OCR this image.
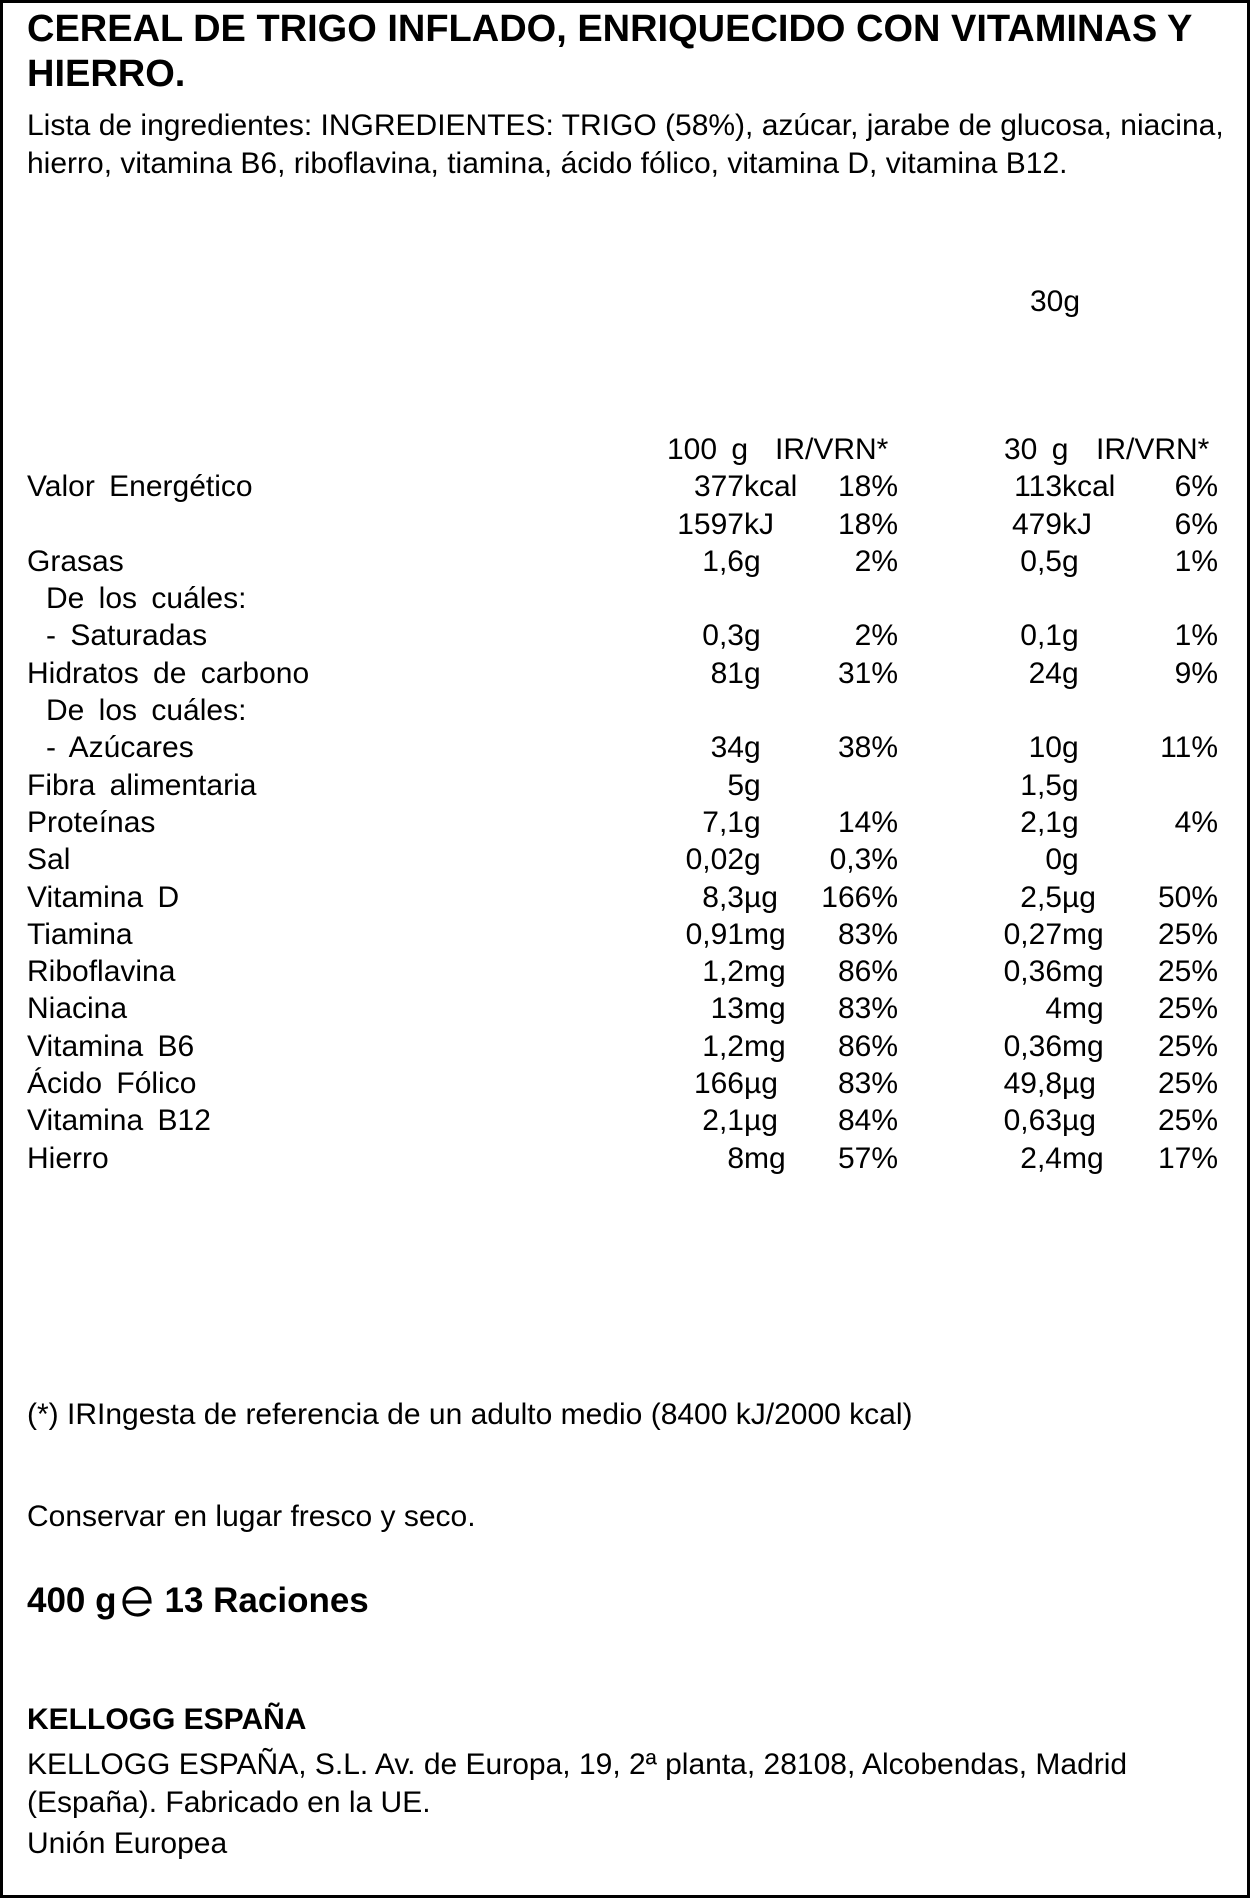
CEREAL DE TRIGO INFLADO, ENRIQUECIDO CON VITAMINAS Y HIERRO.

Lista de ingredientes: INGREDIENTES: TRIGO (58%), azúcar, jarabe de glucosa, niacina, hierro, vitamina B6, riboflavina, tiamina, ácido fólico, vitamina D, vitamina B12.

30g
100 g IR/VRN*	30 g IR/VRN*
Valor Energético	377 kcal 18%	113 kcal 6%
1597 kJ 18%	479 kJ	6%
Grasas	1,6 g	2%	0,5 g	1%
De los cuáles:
- Saturadas	0,3 g	2%	0,1 g	1%
Hidratos de carbono	81 g	31%	24 g	9%
De los cuáles:
- Azúcares	34 g	38%	10 g	11%
Fibra alimentaria	5 g	1,5 g
Proteínas	7,1 g	14%	2,1 g	4%
Sal	0,02 g 0,3%	0 g
Vitamina D	8,3 µg 166%	2,5 µg 50%
Tiamina	0,91 mg 83%	0,27 mg 25%
Riboflavina	1,2 mg 86%	0,36 mg 25%
Niacina	13 mg 83%	4 mg 25%
Vitamina B6	1,2 mg 86%	0,36 mg 25%
Ácido Fólico	166 µg 83%	49,8 µg 25%
Vitamina B12	2,1 µg 84%	0,63 µg 25%
Hierro	8 mg 57%	2,4 mg 17%
(*) IRIngesta de referencia de un adulto medio (8400 kJ/2000 kcal)
Conservar en lugar fresco y seco.
400 g 13 Raciones
KELLOGG ESPAÑA

KELLOGG ESPAÑA, S.L. Av. de Europa, 19, 2ª planta, 28108, Alcobendas, Madrid (España). Fabricado en la UE.

Unión Europea
